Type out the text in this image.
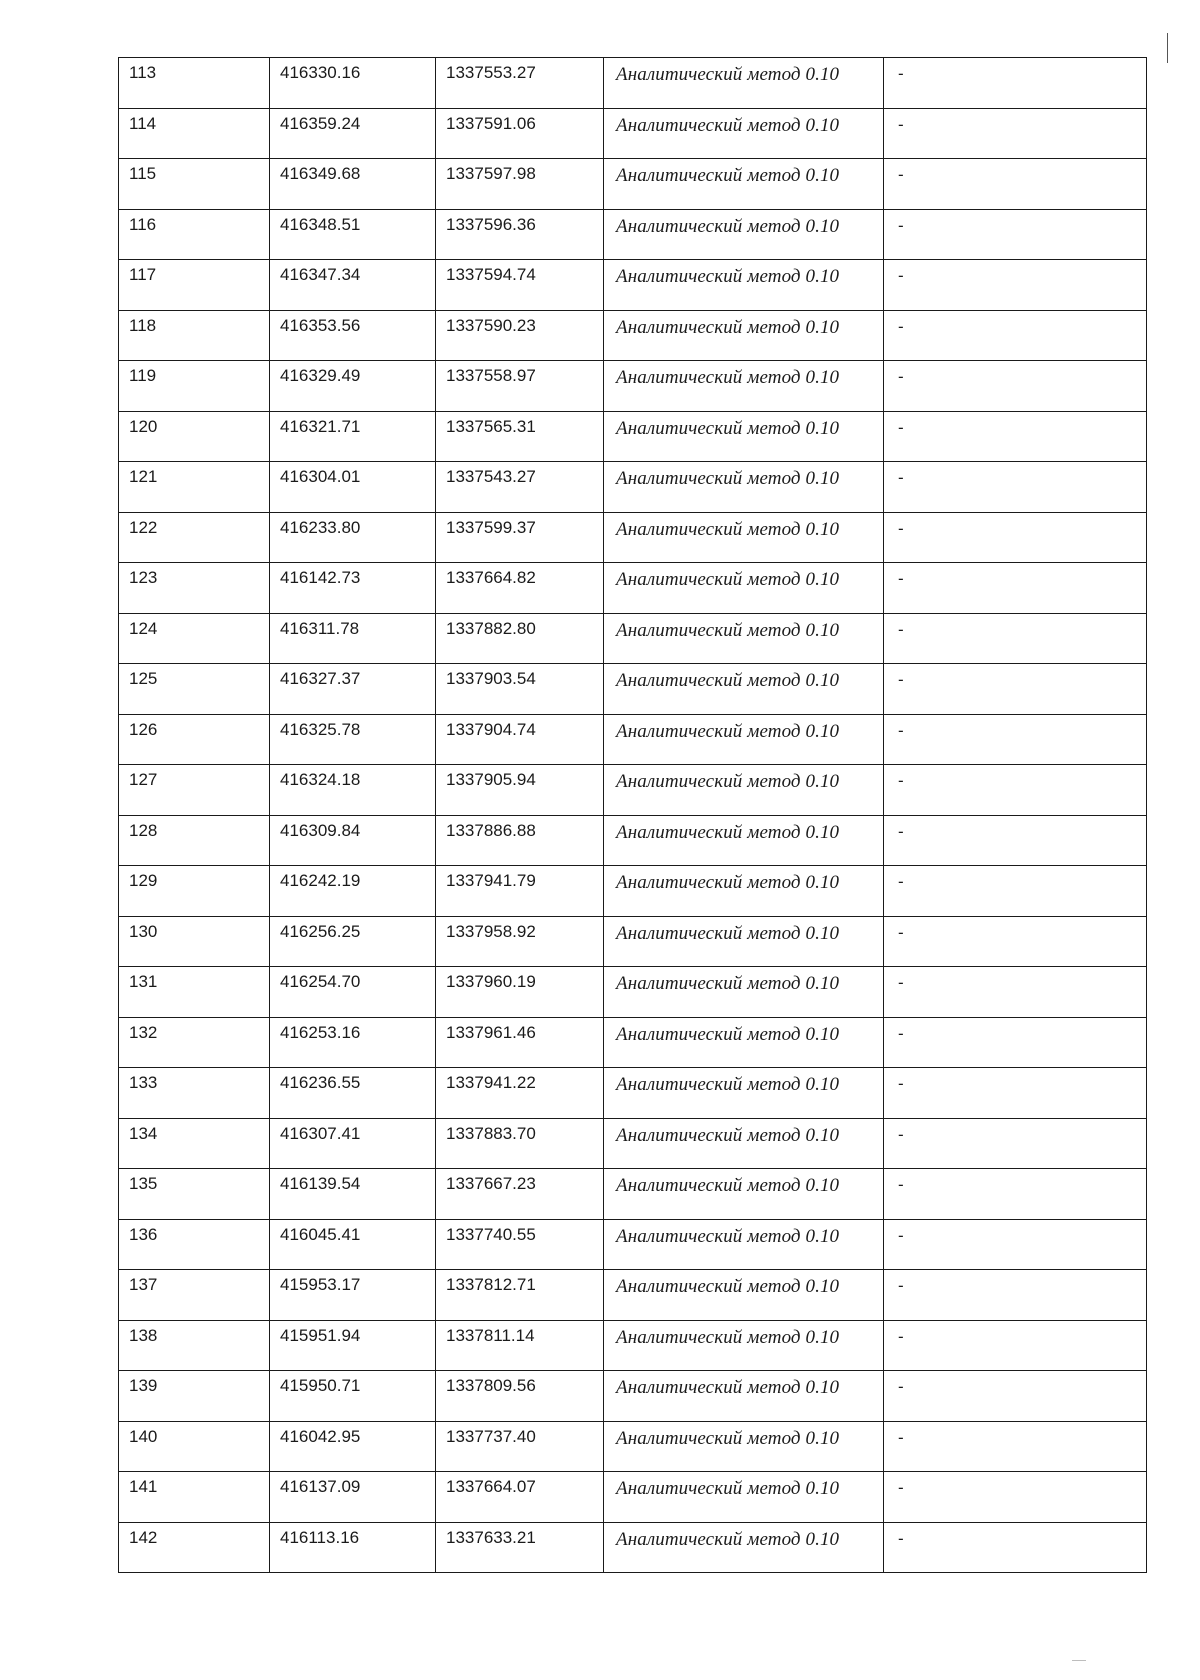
113	416330.16	1337553.27	Аналитический метод 0.10	-
114	416359.24	1337591.06	Аналитический метод 0.10	-
115	416349.68	1337597.98	Аналитический метод 0.10	-
116	416348.51	1337596.36	Аналитический метод 0.10	-
117	416347.34	1337594.74	Аналитический метод 0.10	-
118	416353.56	1337590.23	Аналитический метод 0.10	-
119	416329.49	1337558.97	Аналитический метод 0.10	-
120	416321.71	1337565.31	Аналитический метод 0.10	-
121	416304.01	1337543.27	Аналитический метод 0.10	-
122	416233.80	1337599.37	Аналитический метод 0.10	-
123	416142.73	1337664.82	Аналитический метод 0.10	-
124	416311.78	1337882.80	Аналитический метод 0.10	-
125	416327.37	1337903.54	Аналитический метод 0.10	-
126	416325.78	1337904.74	Аналитический метод 0.10	-
127	416324.18	1337905.94	Аналитический метод 0.10	-
128	416309.84	1337886.88	Аналитический метод 0.10	-
129	416242.19	1337941.79	Аналитический метод 0.10	-
130	416256.25	1337958.92	Аналитический метод 0.10	-
131	416254.70	1337960.19	Аналитический метод 0.10	-
132	416253.16	1337961.46	Аналитический метод 0.10	-
133	416236.55	1337941.22	Аналитический метод 0.10	-
134	416307.41	1337883.70	Аналитический метод 0.10	-
135	416139.54	1337667.23	Аналитический метод 0.10	-
136	416045.41	1337740.55	Аналитический метод 0.10	-
137	415953.17	1337812.71	Аналитический метод 0.10	-
138	415951.94	1337811.14	Аналитический метод 0.10	-
139	415950.71	1337809.56	Аналитический метод 0.10	-
140	416042.95	1337737.40	Аналитический метод 0.10	-
141	416137.09	1337664.07	Аналитический метод 0.10	-
142	416113.16	1337633.21	Аналитический метод 0.10	-
